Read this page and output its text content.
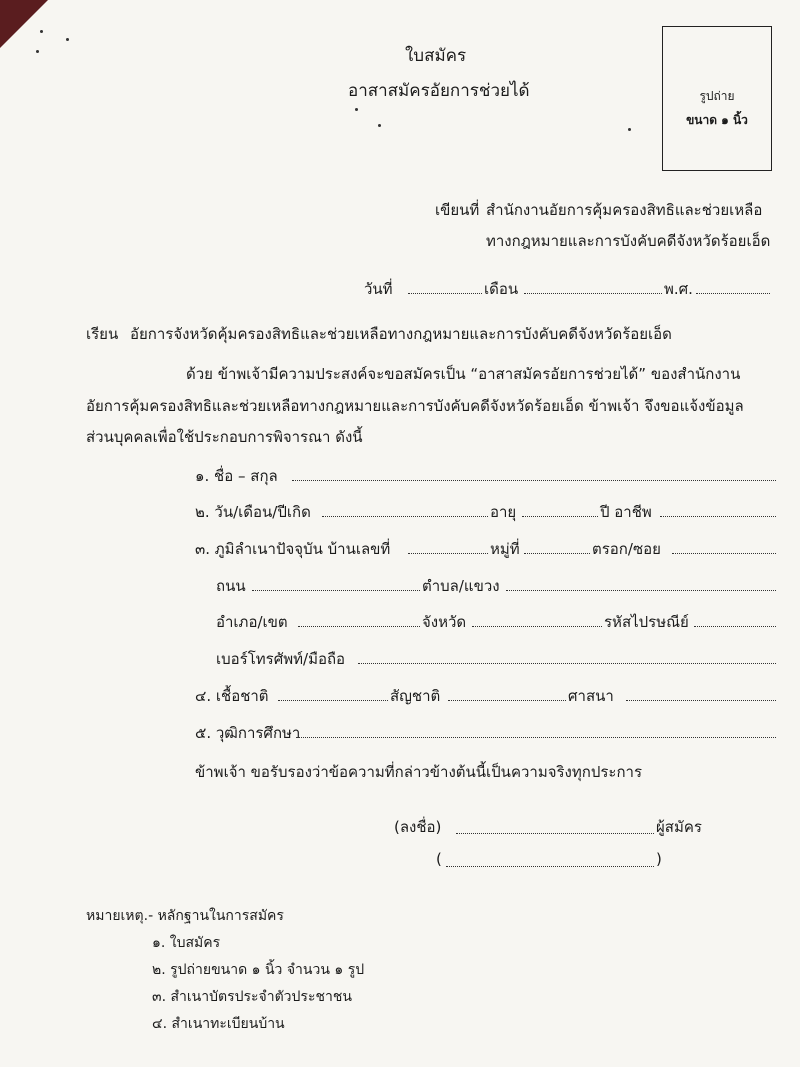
ใบสมัคร
อาสาสมัครอัยการช่วยได้	รูปถ่าย
ขนาด ๑ นิ้ว
เขียนที่ สำนักงานอัยการคุ้มครองสิทธิและช่วยเหลือ
ทางกฎหมายและการบังคับคดีจังหวัดร้อยเอ็ด
วันที่	เดือน	พ.ศ.
เรียน อัยการจังหวัดคุ้มครองสิทธิและช่วยเหลือทางกฎหมายและการบังคับคดีจังหวัดร้อยเอ็ด
ด้วย ข้าพเจ้ามีความประสงค์จะขอสมัครเป็น “อาสาสมัครอัยการช่วยได้” ของสำนักงาน
อัยการคุ้มครองสิทธิและช่วยเหลือทางกฎหมายและการบังคับคดีจังหวัดร้อยเอ็ด ข้าพเจ้า จึงขอแจ้งข้อมูล
ส่วนบุคคลเพื่อใช้ประกอบการพิจารณา ดังนี้
๑. ชื่อ – สกุล
๒. วัน/เดือน/ปีเกิด	อายุ	ปี อาชีพ
๓. ภูมิลำเนาปัจจุบัน บ้านเลขที่	หมู่ที่	ตรอก/ซอย
ถนน	ตำบล/แขวง
อำเภอ/เขต	จังหวัด	รหัสไปรษณีย์
เบอร์โทรศัพท์/มือถือ
๔. เชื้อชาติ	สัญชาติ	ศาสนา
๕. วุฒิการศึกษา
ข้าพเจ้า ขอรับรองว่าข้อความที่กล่าวข้างต้นนี้เป็นความจริงทุกประการ
(ลงชื่อ)	ผู้สมัคร
(	)
หมายเหตุ.- หลักฐานในการสมัคร
๑. ใบสมัคร
๒. รูปถ่ายขนาด ๑ นิ้ว จำนวน ๑ รูป
๓. สำเนาบัตรประจำตัวประชาชน
๔. สำเนาทะเบียนบ้าน
